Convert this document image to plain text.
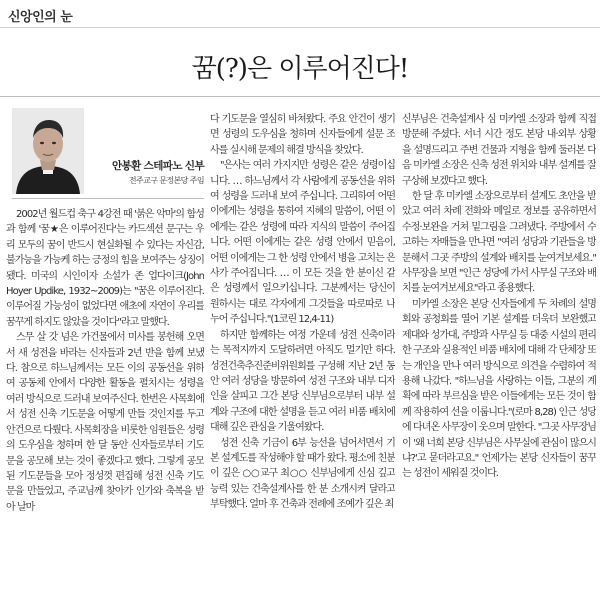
신앙인의 눈
꿈(?)은 이루어진다!
안봉환 스테파노 신부
전주교구 문정본당 주임

2002년 월드컵 축구 4강전 때 '붉은 악마'의 함성과 함께 '꿈★은 이루어진다'는 카드섹션 문구는 우리 모두의 꿈이 반드시 현실화될 수 있다는 자신감, 불가능을 가능케 하는 긍정의 힘을 보여주는 상징이 됐다. 미국의 시인이자 소설가 존 업다이크(John Hoyer Updike, 1932~2009)는 "꿈은 이루어진다. 이루어질 가능성이 없었다면 애초에 자연이 우리를 꿈꾸게 하지도 않았을 것이다"라고 말했다.

스무 살 갓 넘은 가건물에서 미사를 봉헌해 오면서 새 성전을 바라는 신자들과 2년 반을 함께 보냈다. 참으로 하느님께서는 모든 이의 공동선을 위하여 공동체 안에서 다양한 활동을 펼치시는 성령을 여러 방식으로 드러내 보여주신다. 한번은 사목회에서 성전 신축 기도문을 어떻게 만들 것인지를 두고 안건으로 다뤘다. 사목회장을 비롯한 임원들은 성령의 도우심을 청하며 한 달 동안 신자들로부터 기도문을 공모해 보는 것이 좋겠다고 했다. 그렇게 공모된 기도문들을 모아 정성껏 편집해 성전 신축 기도문을 만들었고, 주교님께 찾아가 인가와 축복을 받아 날마

다 기도문을 열심히 바쳐왔다. 주요 안건이 생기면 성령의 도우심을 청하며 신자들에게 설문 조사를 실시해 문제의 해결 방식을 찾았다.

"은사는 여러 가지지만 성령은 같은 성령이십니다. … 하느님께서 각 사람에게 공동선을 위하여 성령을 드러내 보여 주십니다. 그리하여 어떤 이에게는 성령을 통하여 지혜의 말씀이, 어떤 이에게는 같은 성령에 따라 지식의 말씀이 주어집니다. 어떤 이에게는 같은 성령 안에서 믿음이, 어떤 이에게는 그 한 성령 안에서 병을 고치는 은사가 주어집니다. … 이 모든 것을 한 분이신 같은 성령께서 일으키십니다. 그분께서는 당신이 원하시는 대로 각자에게 그것들을 따로따로 나누어 주십니다."(1코린 12,4-11)

하지만 함께하는 여정 가운데 성전 신축이라는 목적지까지 도달하려면 아직도 멀기만 하다. 성전건축추진준비위원회를 구성해 지난 2년 동안 여러 성당을 방문하여 성전 구조와 내부 디자인을 살피고 그간 본당 신부님으로부터 내부 설계와 구조에 대한 설명을 듣고 여러 비품 배치에 대해 깊은 관심을 기울여왔다.

성전 신축 기금이 6부 능선을 넘어서면서 기본 설계도를 작성해야 할 때가 왔다. 평소에 친분이 깊은 ○○교구 최○○ 신부님에게 신심 깊고 능력 있는 건축설계사를 한 분 소개시켜 달라고 부탁했다. 얼마 후 건축과 전례에 조예가 깊은 최

신부님은 건축설계사 심 미카엘 소장과 함께 직접 방문해 주셨다. 서너 시간 정도 본당 내·외부 상황을 설명드리고 주변 건물과 지형을 함께 둘러본 다음 미카엘 소장은 신축 성전 위치와 내부 설계를 잘 구상해 보겠다고 했다.

한 달 후 미카엘 소장으로부터 설계도 초안을 받았고 여러 차례 전화와 메일로 정보를 공유하면서 수정·보완을 거쳐 밑그림을 그려냈다. 주방에서 수고하는 자매들을 만나면 "여러 성당과 기관들을 방문해서 그곳 주방의 설계와 배치를 눈여겨보세요." 사무장을 보면 "인근 성당에 가서 사무실 구조와 배치를 눈여겨보세요"라고 종용했다.

미카엘 소장은 본당 신자들에게 두 차례의 설명회와 공청회를 열어 기본 설계를 더욱더 보완했고 제대와 성가대, 주방과 사무실 등 대중 시설의 편리한 구조와 실용적인 비품 배치에 대해 각 단체장 또는 개인을 만나 여러 방식으로 의견을 수렴하여 적용해 나갔다. "하느님을 사랑하는 이들, 그분의 계획에 따라 부르심을 받은 이들에게는 모든 것이 함께 작용하여 선을 이룹니다."(로마 8,28) 인근 성당에 다녀온 사무장이 웃으며 말한다. "그곳 사무장님이 '왜 너희 본당 신부님은 사무실에 관심이 많으시냐?'고 묻더라고요." 언제가는 본당 신자들이 꿈꾸는 성전이 세워질 것이다.
